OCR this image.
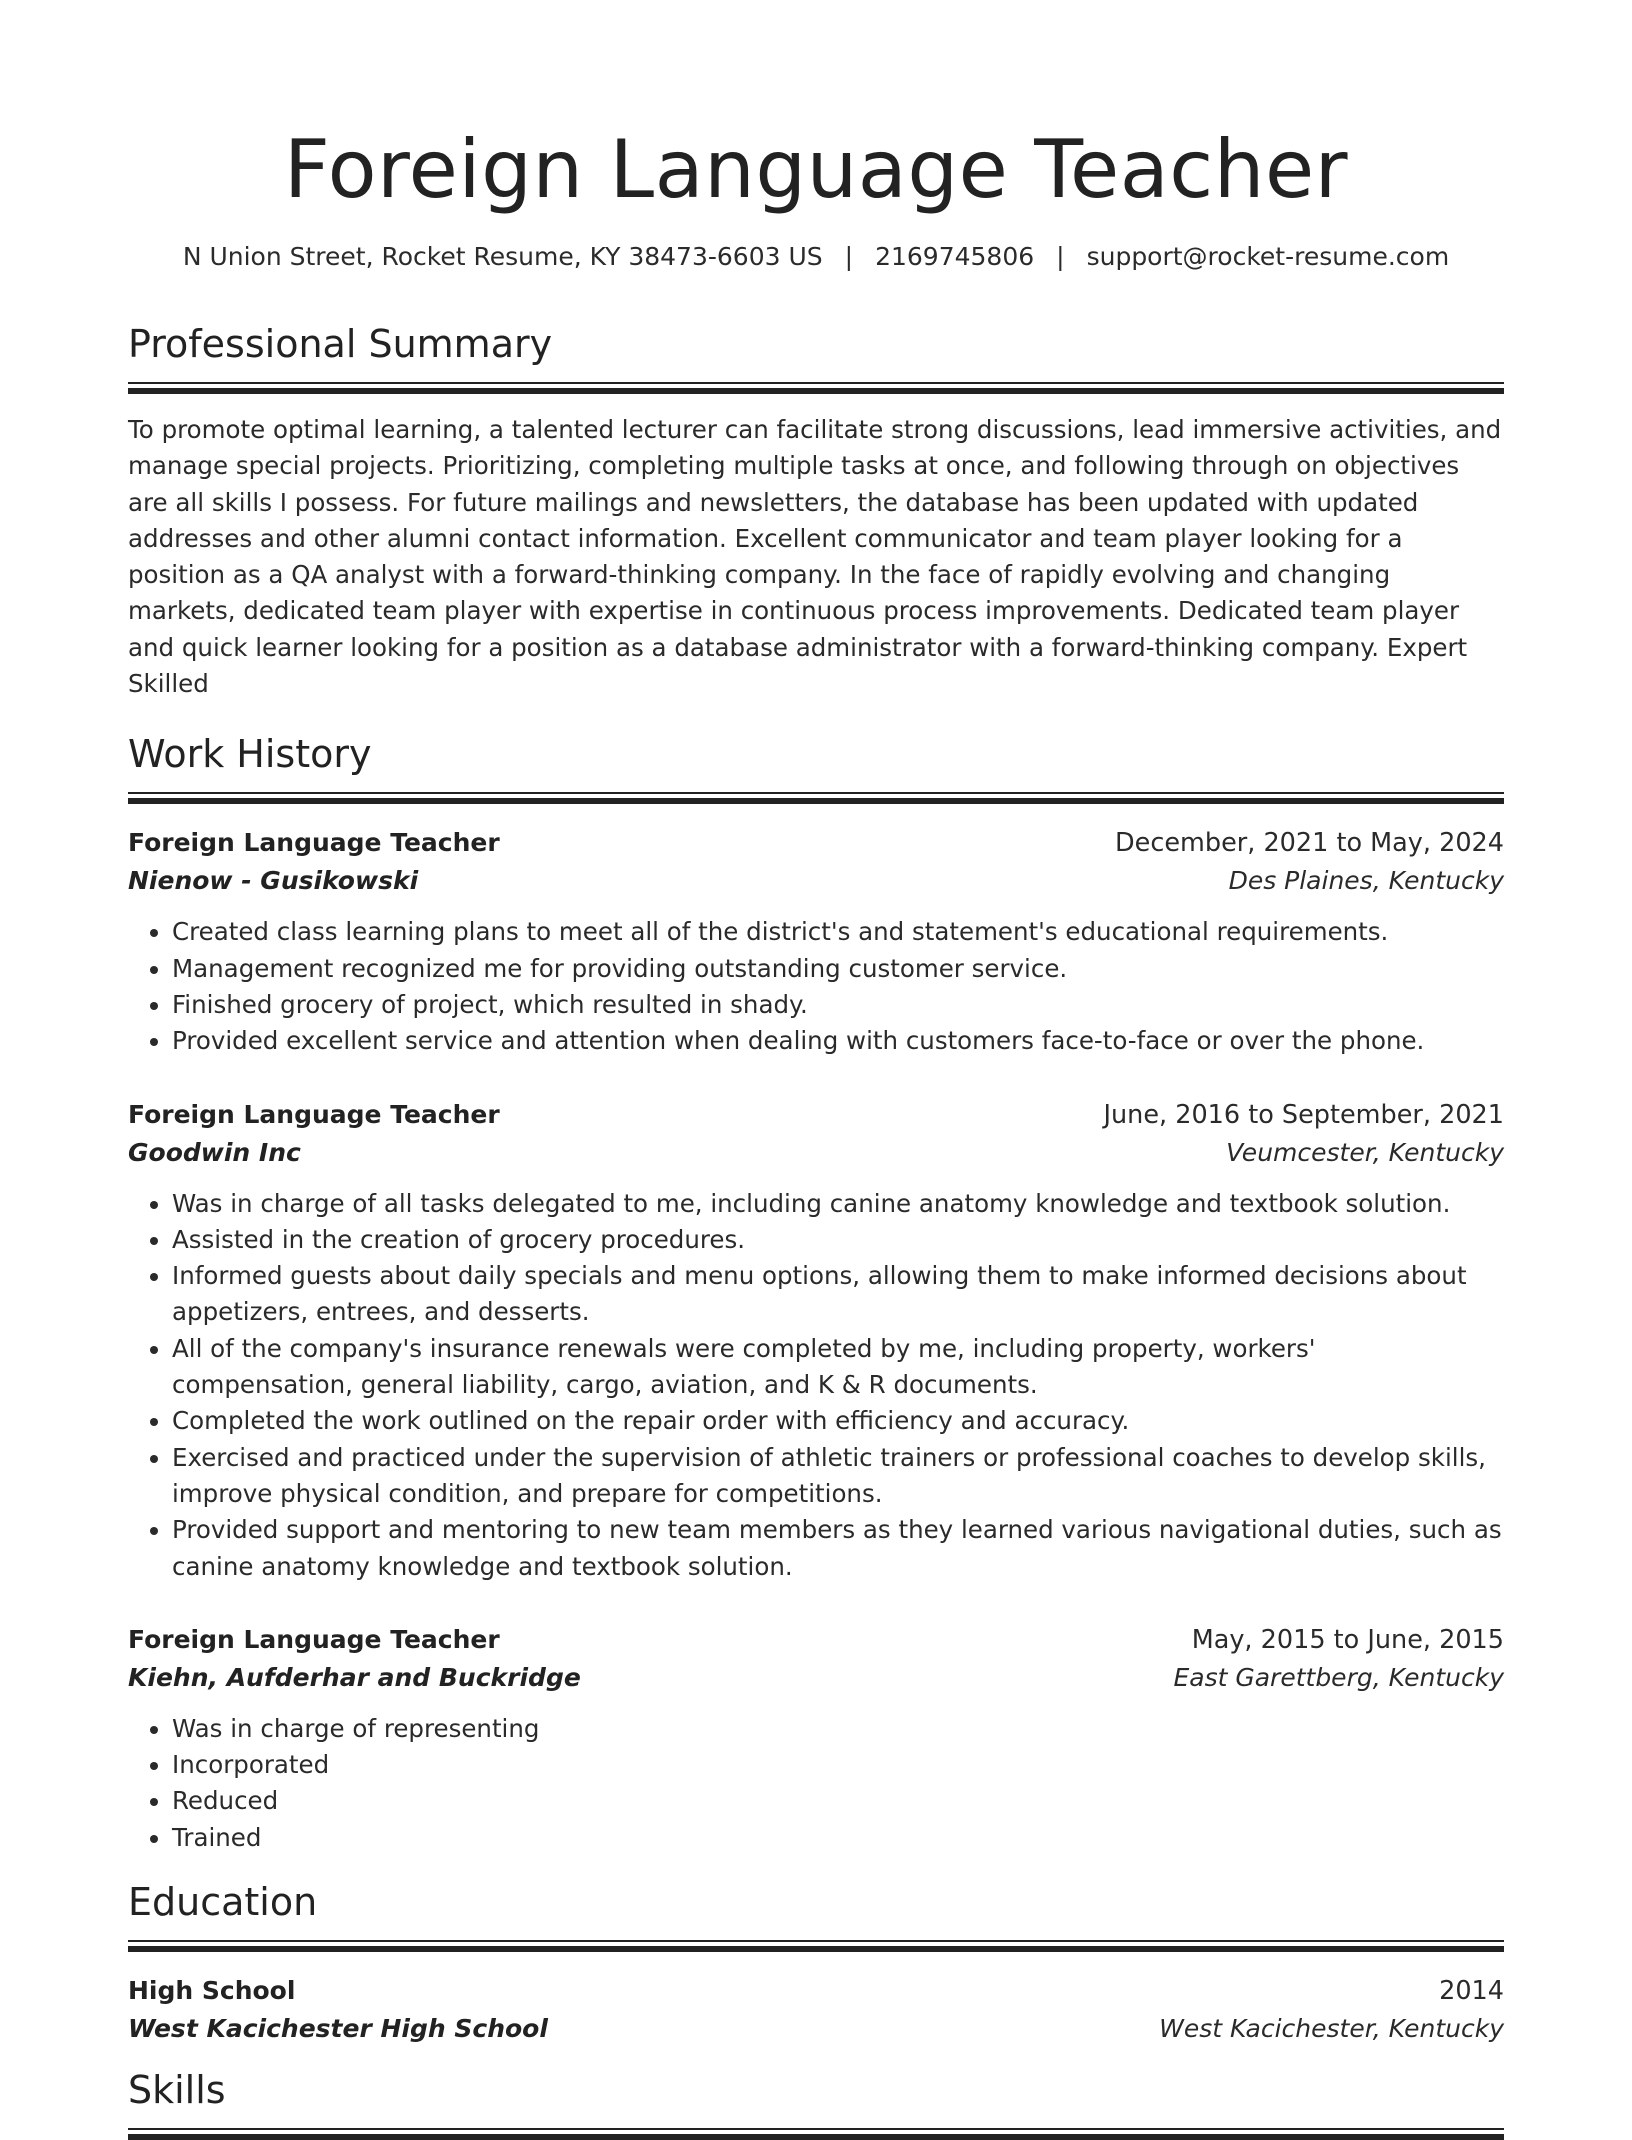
Foreign Language Teacher
N Union Street, Rocket Resume, KY 38473-6603 US | 2169745806 | support@rocket-resume.com
Professional Summary

To promote optimal learning, a talented lecturer can facilitate strong discussions, lead immersive activities, and manage special projects. Prioritizing, completing multiple tasks at once, and following through on objectives are all skills I possess. For future mailings and newsletters, the database has been updated with updated addresses and other alumni contact information. Excellent communicator and team player looking for a position as a QA analyst with a forward-thinking company. In the face of rapidly evolving and changing markets, dedicated team player with expertise in continuous process improvements. Dedicated team player and quick learner looking for a position as a database administrator with a forward-thinking company. Expert Skilled

Work History
Foreign Language Teacher	December, 2021 to May, 2024
Nienow - Gusikowski	Des Plaines, Kentucky
• Created class learning plans to meet all of the district's and statement's educational requirements.
• Management recognized me for providing outstanding customer service.
• Finished grocery of project, which resulted in shady.
• Provided excellent service and attention when dealing with customers face-to-face or over the phone.
Foreign Language Teacher	June, 2016 to September, 2021
Goodwin Inc	Veumcester, Kentucky
• Was in charge of all tasks delegated to me, including canine anatomy knowledge and textbook solution.
• Assisted in the creation of grocery procedures.
• Informed guests about daily specials and menu options, allowing them to make informed decisions about appetizers, entrees, and desserts.
• All of the company's insurance renewals were completed by me, including property, workers' compensation, general liability, cargo, aviation, and K & R documents.
• Completed the work outlined on the repair order with efficiency and accuracy.
• Exercised and practiced under the supervision of athletic trainers or professional coaches to develop skills, improve physical condition, and prepare for competitions.
• Provided support and mentoring to new team members as they learned various navigational duties, such as canine anatomy knowledge and textbook solution.
Foreign Language Teacher	May, 2015 to June, 2015
Kiehn, Aufderhar and Buckridge	East Garettberg, Kentucky
• Was in charge of representing
• Incorporated
• Reduced
• Trained
Education
High School	2014
West Kacichester High School	West Kacichester, Kentucky
Skills
